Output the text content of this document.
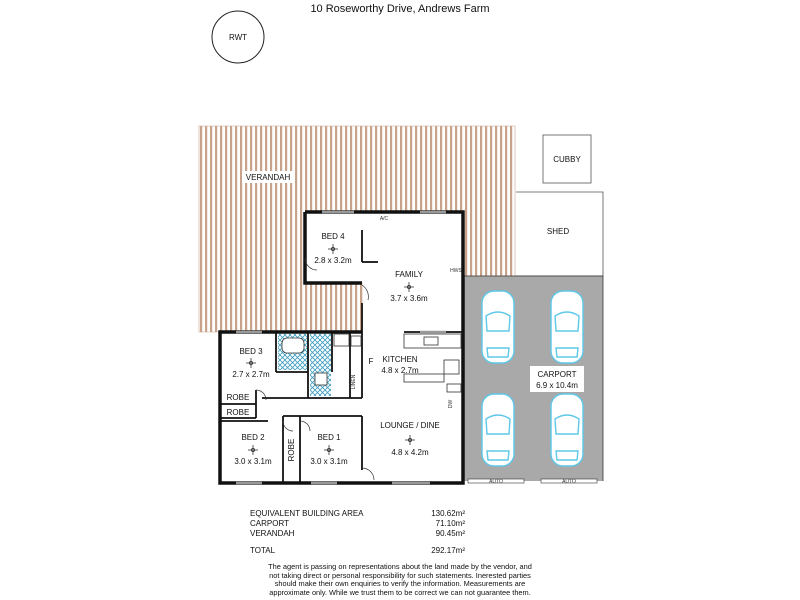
10 Roseworthy Drive, Andrews Farm
RWT
VERANDAH
CUBBY
SHED
CARPORT
6.9 x 10.4m
AUTO	AUTO
A/C
HWS
F
LINEN
DW
ROBE
ROBE
ROBE
BED 4
2.8 x 3.2m
FAMILY
3.7 x 3.6m
BED 3
2.7 x 2.7m
KITCHEN
4.8 x 2.7m
BED 2
3.0 x 3.1m
BED 1
3.0 x 3.1m
LOUNGE / DINE
4.8 x 4.2m
EQUIVALENT BUILDING AREA	130.62m²
CARPORT	71.10m²
VERANDAH	90.45m²
TOTAL	292.17m²
The agent is passing on representations about the land made by the vendor, and
not taking direct or personal responsibility for such statements. Inerested parties
should make their own enquiries to verify the information. Measurements are
approximate only. While we trust them to be correct we can not guarantee them.
